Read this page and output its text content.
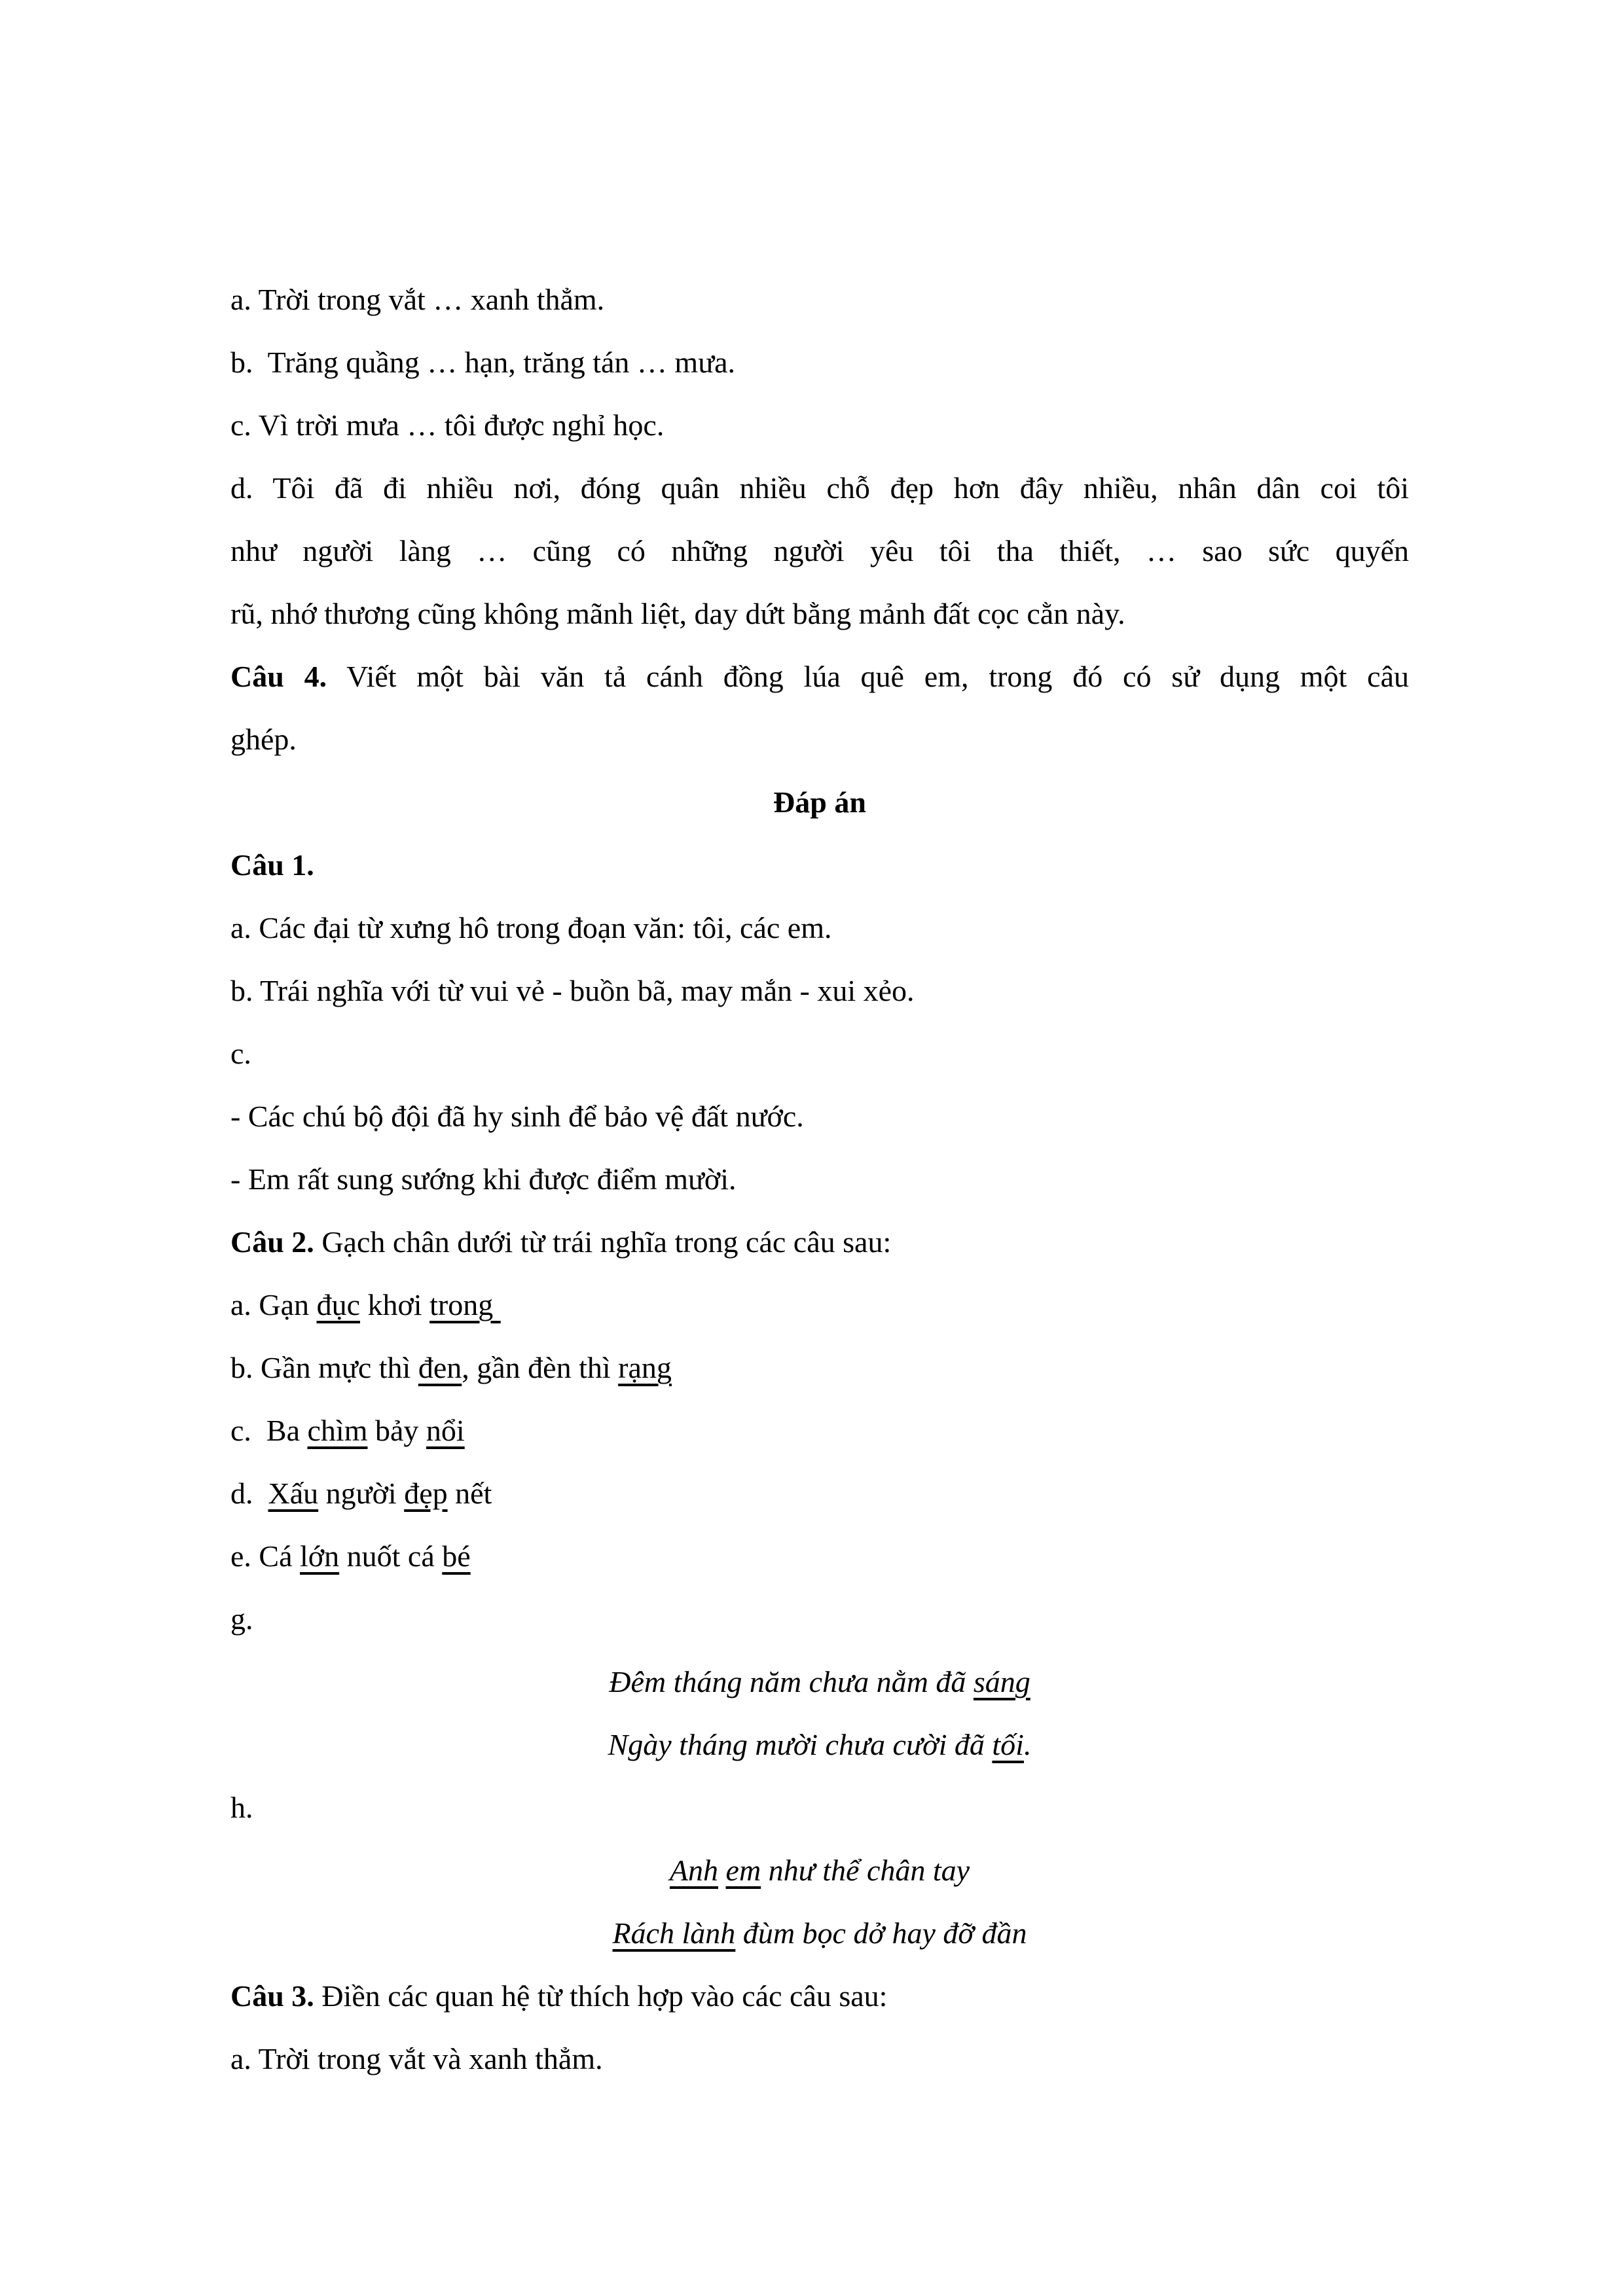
a. Trời trong vắt … xanh thẳm.
b.  Trăng quầng … hạn, trăng tán … mưa.
c. Vì trời mưa … tôi được nghỉ học.
d. Tôi đã đi nhiều nơi, đóng quân nhiều chỗ đẹp hơn đây nhiều, nhân dân coi tôi
như người làng … cũng có những người yêu tôi tha thiết, … sao sức quyến
rũ, nhớ thương cũng không mãnh liệt, day dứt bằng mảnh đất cọc cằn này.
Câu 4. Viết một bài văn tả cánh đồng lúa quê em, trong đó có sử dụng một câu
ghép.
Đáp án
Câu 1.
a. Các đại từ xưng hô trong đoạn văn: tôi, các em.
b. Trái nghĩa với từ vui vẻ - buồn bã, may mắn - xui xẻo.
c.
- Các chú bộ đội đã hy sinh để bảo vệ đất nước.
- Em rất sung sướng khi được điểm mười.
Câu 2. Gạch chân dưới từ trái nghĩa trong các câu sau:
a. Gạn đục khơi trong
b. Gần mực thì đen, gần đèn thì rạng
c.  Ba chìm bảy nổi
d.  Xấu người đẹp nết
e. Cá lớn nuốt cá bé
g.
Đêm tháng năm chưa nằm đã sáng
Ngày tháng mười chưa cười đã tối.
h.
Anh em như thể chân tay
Rách lành đùm bọc dở hay đỡ đần
Câu 3. Điền các quan hệ từ thích hợp vào các câu sau:
a. Trời trong vắt và xanh thẳm.
